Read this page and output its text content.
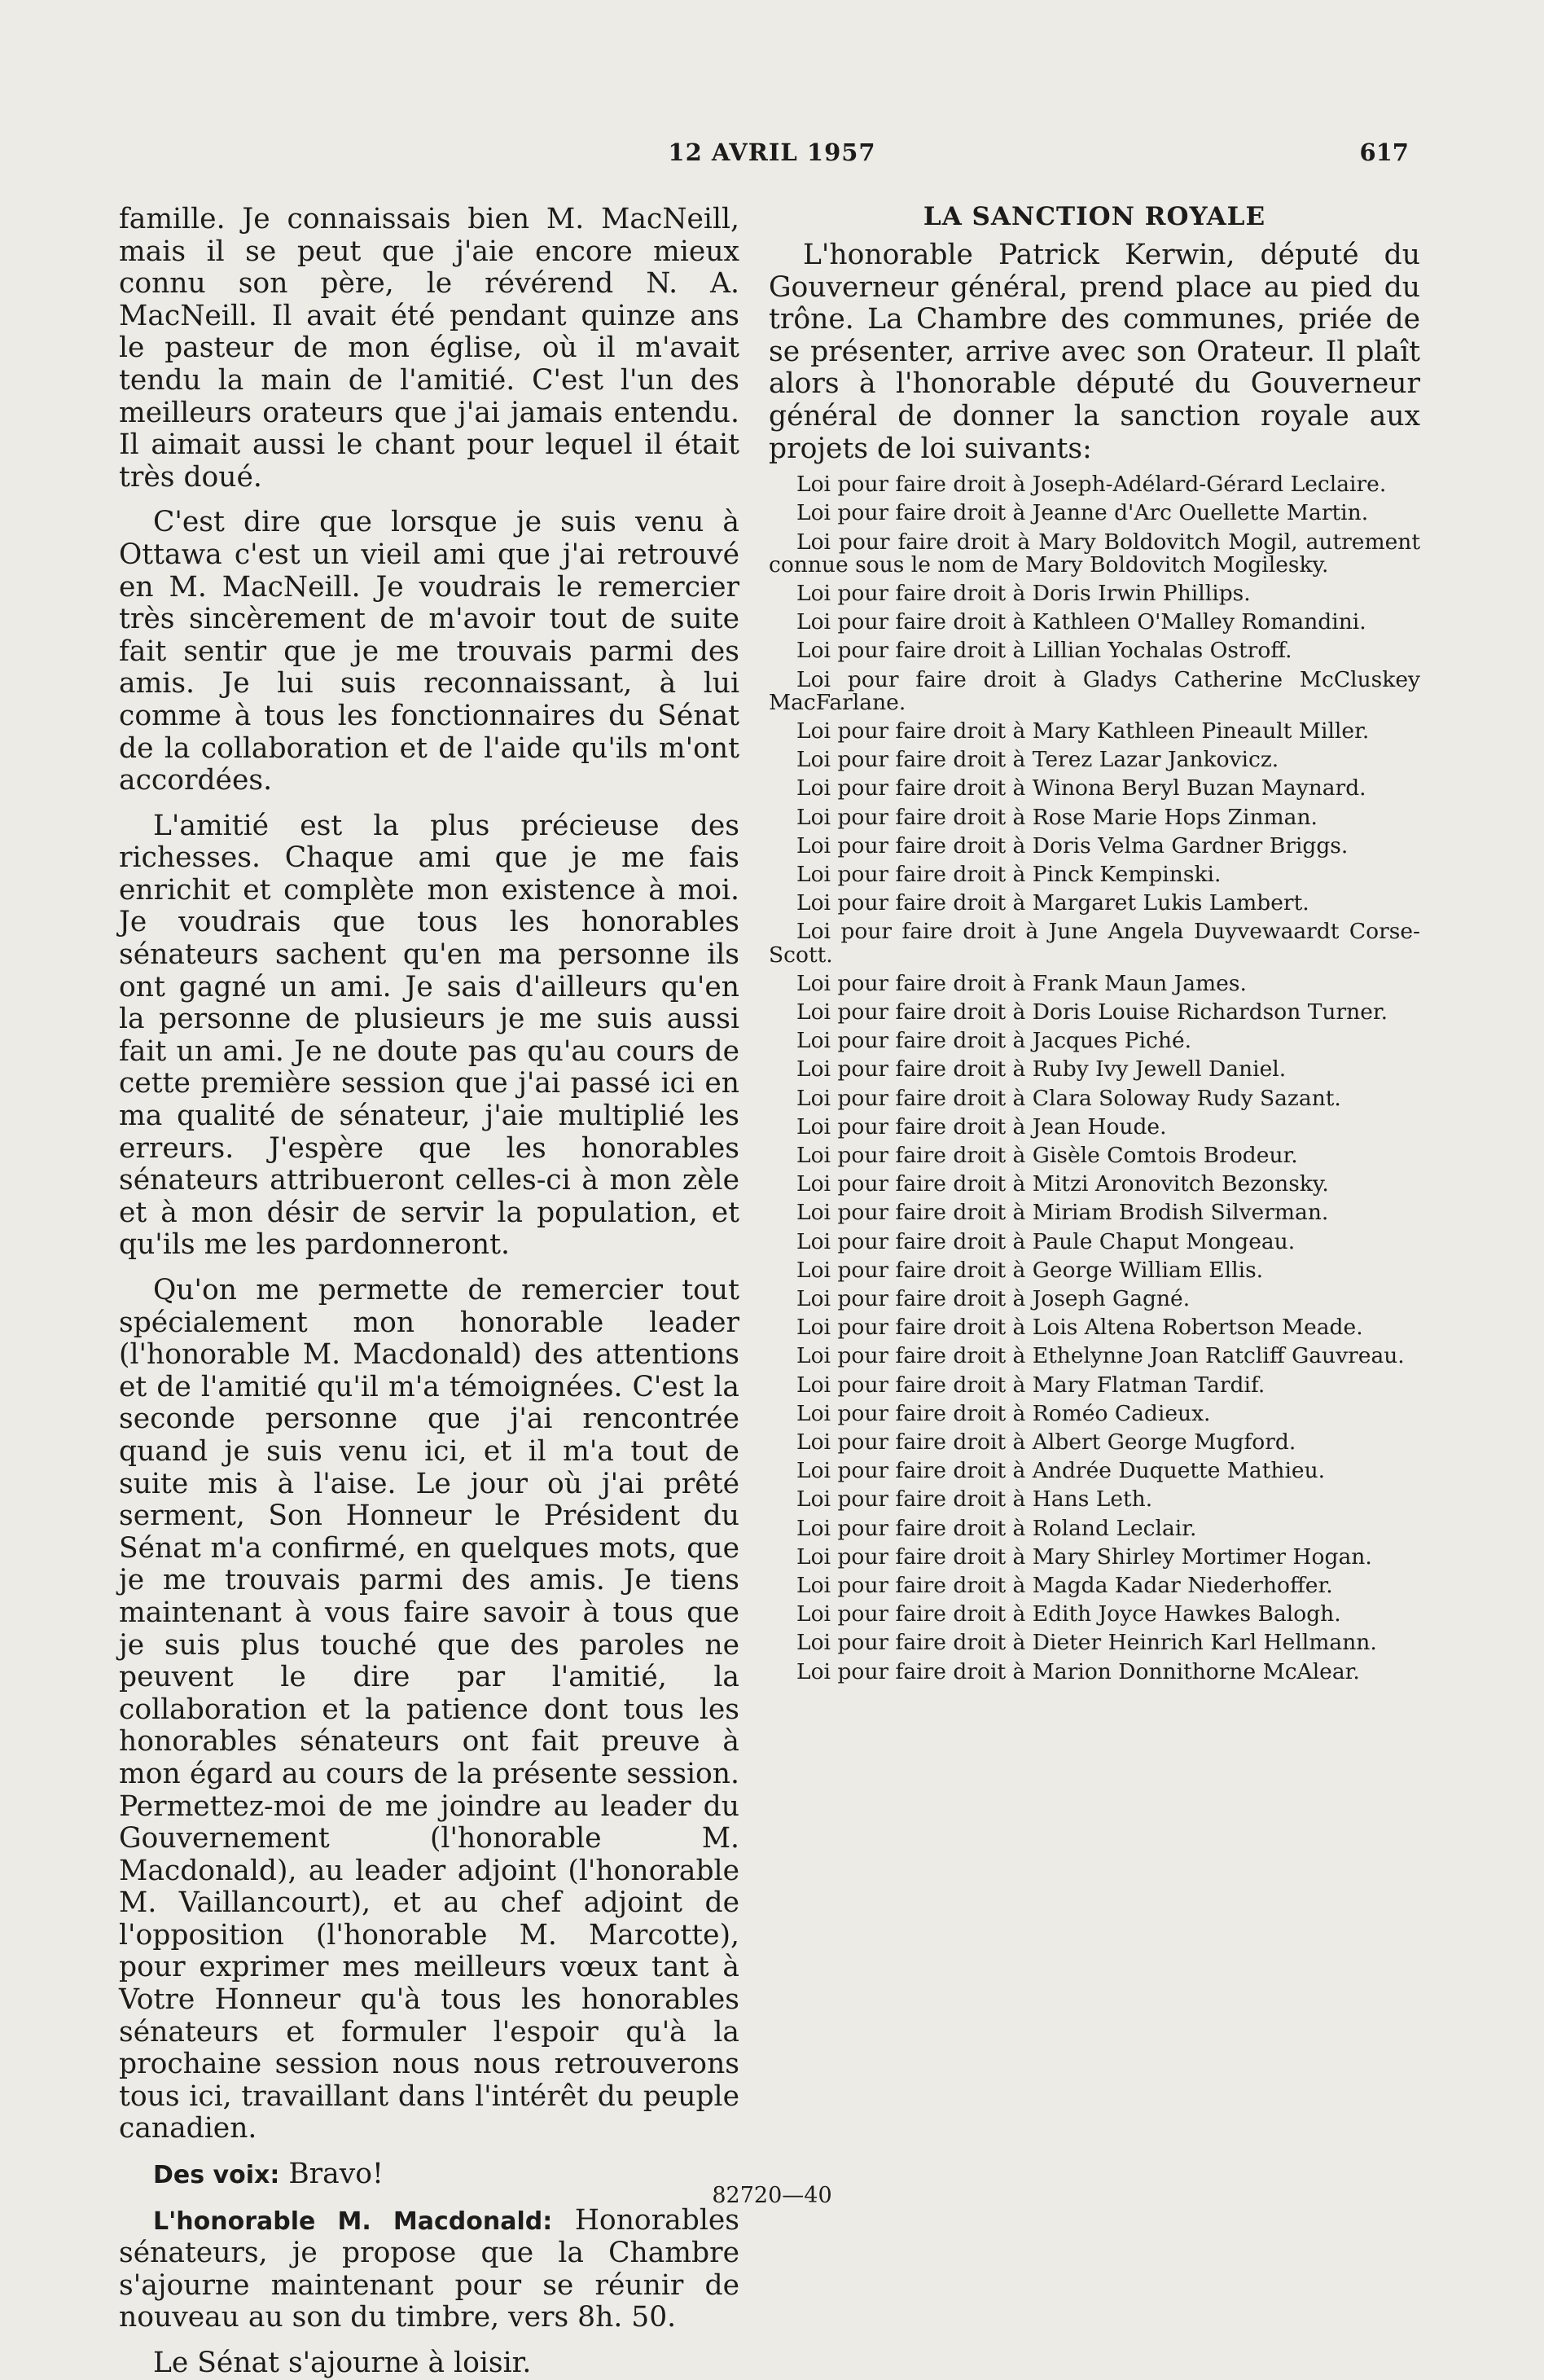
12 AVRIL 1957	617

famille. Je connaissais bien M. MacNeill, mais il se peut que j'aie encore mieux connu son père, le révérend N. A. MacNeill. Il avait été pendant quinze ans le pasteur de mon église, où il m'avait tendu la main de l'amitié. C'est l'un des meilleurs orateurs que j'ai jamais entendu. Il aimait aussi le chant pour lequel il était très doué.

C'est dire que lorsque je suis venu à Ottawa c'est un vieil ami que j'ai retrouvé en M. MacNeill. Je voudrais le remercier très sincèrement de m'avoir tout de suite fait sentir que je me trouvais parmi des amis. Je lui suis reconnaissant, à lui comme à tous les fonctionnaires du Sénat de la collaboration et de l'aide qu'ils m'ont accordées.

L'amitié est la plus précieuse des richesses. Chaque ami que je me fais enrichit et complète mon existence à moi. Je voudrais que tous les honorables sénateurs sachent qu'en ma personne ils ont gagné un ami. Je sais d'ailleurs qu'en la personne de plusieurs je me suis aussi fait un ami. Je ne doute pas qu'au cours de cette première session que j'ai passé ici en ma qualité de sénateur, j'aie multiplié les erreurs. J'espère que les honorables sénateurs attribueront celles-ci à mon zèle et à mon désir de servir la population, et qu'ils me les pardonneront.

Qu'on me permette de remercier tout spécialement mon honorable leader (l'honorable M. Macdonald) des attentions et de l'amitié qu'il m'a témoignées. C'est la seconde personne que j'ai rencontrée quand je suis venu ici, et il m'a tout de suite mis à l'aise. Le jour où j'ai prêté serment, Son Honneur le Président du Sénat m'a confirmé, en quelques mots, que je me trouvais parmi des amis. Je tiens maintenant à vous faire savoir à tous que je suis plus touché que des paroles ne peuvent le dire par l'amitié, la collaboration et la patience dont tous les honorables sénateurs ont fait preuve à mon égard au cours de la présente session. Permettez-moi de me joindre au leader du Gouvernement (l'honorable M. Macdonald), au leader adjoint (l'honorable M. Vaillancourt), et au chef adjoint de l'opposition (l'honorable M. Marcotte), pour exprimer mes meilleurs vœux tant à Votre Honneur qu'à tous les honorables sénateurs et formuler l'espoir qu'à la prochaine session nous nous retrouverons tous ici, travaillant dans l'intérêt du peuple canadien.

Des voix: Bravo!

L'honorable M. Macdonald: Honorables sénateurs, je propose que la Chambre s'ajourne maintenant pour se réunir de nouveau au son du timbre, vers 8h. 50.

Le Sénat s'ajourne à loisir.

LA SANCTION ROYALE

L'honorable Patrick Kerwin, député du Gouverneur général, prend place au pied du trône. La Chambre des communes, priée de se présenter, arrive avec son Orateur. Il plaît alors à l'honorable député du Gouverneur général de donner la sanction royale aux projets de loi suivants:

Loi pour faire droit à Joseph-Adélard-Gérard Leclaire.

Loi pour faire droit à Jeanne d'Arc Ouellette Martin.

Loi pour faire droit à Mary Boldovitch Mogil, autrement connue sous le nom de Mary Boldovitch Mogilesky.

Loi pour faire droit à Doris Irwin Phillips.

Loi pour faire droit à Kathleen O'Malley Romandini.

Loi pour faire droit à Lillian Yochalas Ostroff.

Loi pour faire droit à Gladys Catherine McCluskey MacFarlane.

Loi pour faire droit à Mary Kathleen Pineault Miller.

Loi pour faire droit à Terez Lazar Jankovicz.

Loi pour faire droit à Winona Beryl Buzan Maynard.

Loi pour faire droit à Rose Marie Hops Zinman.

Loi pour faire droit à Doris Velma Gardner Briggs.

Loi pour faire droit à Pinck Kempinski.

Loi pour faire droit à Margaret Lukis Lambert.

Loi pour faire droit à June Angela Duyvewaardt Corse-Scott.

Loi pour faire droit à Frank Maun James.

Loi pour faire droit à Doris Louise Richardson Turner.

Loi pour faire droit à Jacques Piché.

Loi pour faire droit à Ruby Ivy Jewell Daniel.

Loi pour faire droit à Clara Soloway Rudy Sazant.

Loi pour faire droit à Jean Houde.

Loi pour faire droit à Gisèle Comtois Brodeur.

Loi pour faire droit à Mitzi Aronovitch Bezonsky.

Loi pour faire droit à Miriam Brodish Silverman.

Loi pour faire droit à Paule Chaput Mongeau.

Loi pour faire droit à George William Ellis.

Loi pour faire droit à Joseph Gagné.

Loi pour faire droit à Lois Altena Robertson Meade.

Loi pour faire droit à Ethelynne Joan Ratcliff Gauvreau.

Loi pour faire droit à Mary Flatman Tardif.

Loi pour faire droit à Roméo Cadieux.

Loi pour faire droit à Albert George Mugford.

Loi pour faire droit à Andrée Duquette Mathieu.

Loi pour faire droit à Hans Leth.

Loi pour faire droit à Roland Leclair.

Loi pour faire droit à Mary Shirley Mortimer Hogan.

Loi pour faire droit à Magda Kadar Niederhoffer.

Loi pour faire droit à Edith Joyce Hawkes Balogh.

Loi pour faire droit à Dieter Heinrich Karl Hellmann.

Loi pour faire droit à Marion Donnithorne McAlear.

82720—40
